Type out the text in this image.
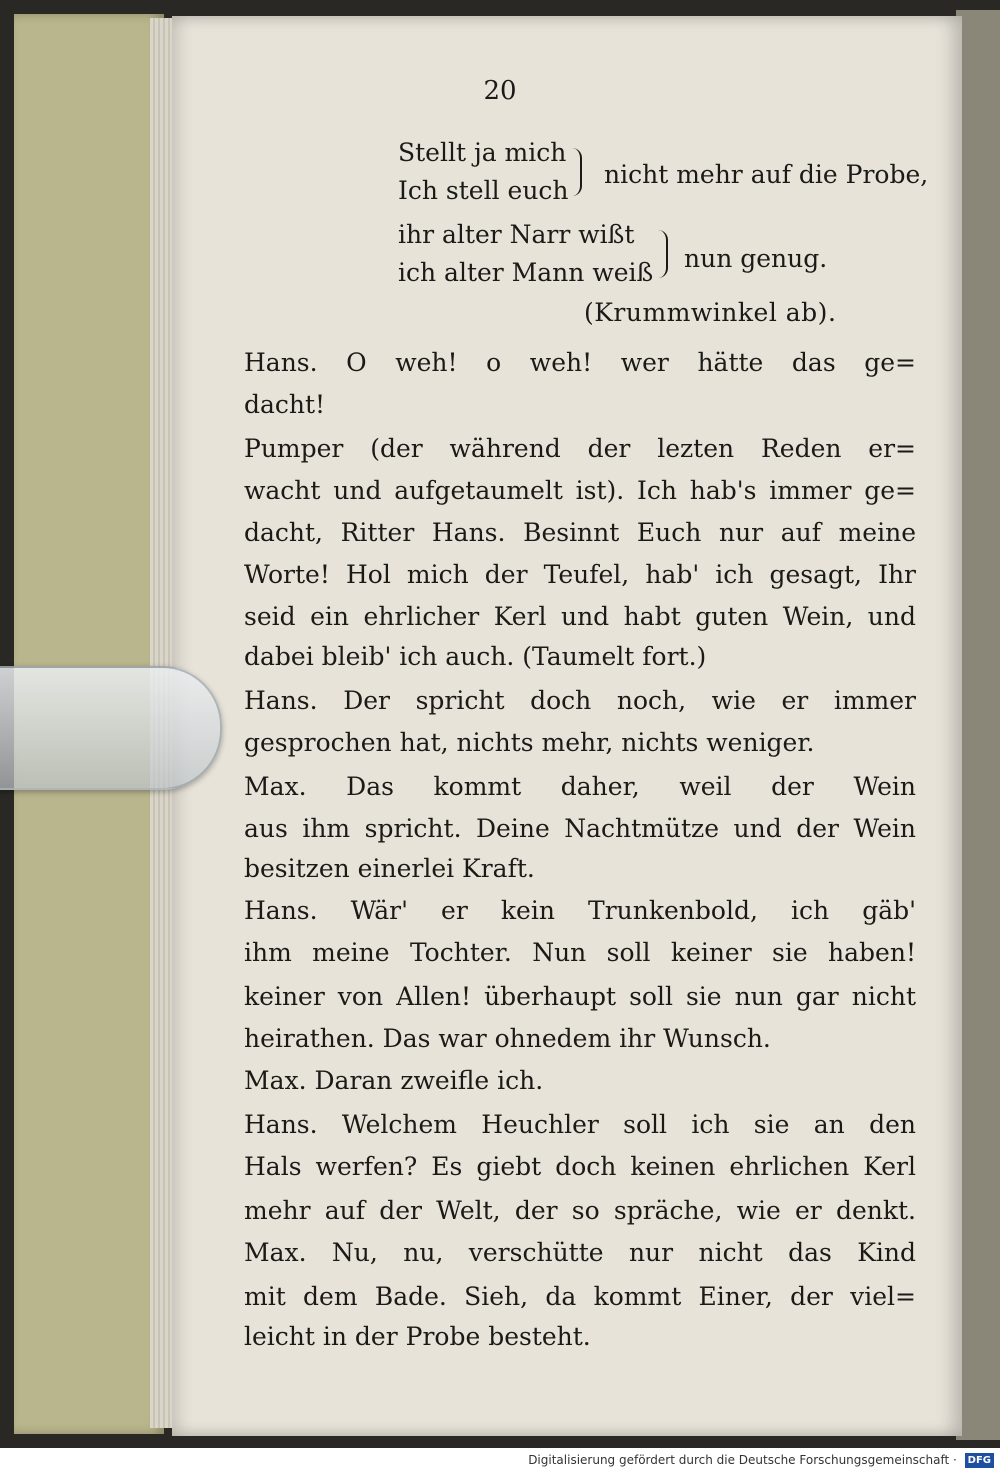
20
Stellt ja mich
Ich stell euch
nicht mehr auf die Probe,
ihr alter Narr wißt
ich alter Mann weiß nun genug.
(Krummwinkel ab).
Hans. O weh! o weh! wer hätte das ge=
dacht!
Pumper (der während der lezten Reden er=
wacht und aufgetaumelt ist). Ich hab's immer ge=
dacht, Ritter Hans. Besinnt Euch nur auf meine
Worte! Hol mich der Teufel, hab' ich gesagt, Ihr
seid ein ehrlicher Kerl und habt guten Wein, und
dabei bleib' ich auch. (Taumelt fort.)
Hans. Der spricht doch noch, wie er immer
gesprochen hat, nichts mehr, nichts weniger.
Max. Das kommt daher, weil der Wein
aus ihm spricht. Deine Nachtmütze und der Wein
besitzen einerlei Kraft.
Hans. Wär' er kein Trunkenbold, ich gäb'
ihm meine Tochter. Nun soll keiner sie haben!
keiner von Allen! überhaupt soll sie nun gar nicht
heirathen. Das war ohnedem ihr Wunsch.
Max. Daran zweifle ich.
Hans. Welchem Heuchler soll ich sie an den
Hals werfen? Es giebt doch keinen ehrlichen Kerl
mehr auf der Welt, der so spräche, wie er denkt.
Max. Nu, nu, verschütte nur nicht das Kind
mit dem Bade. Sieh, da kommt Einer, der viel=
leicht in der Probe besteht.
Digitalisierung gefördert durch die Deutsche Forschungsgemeinschaft · DFG
